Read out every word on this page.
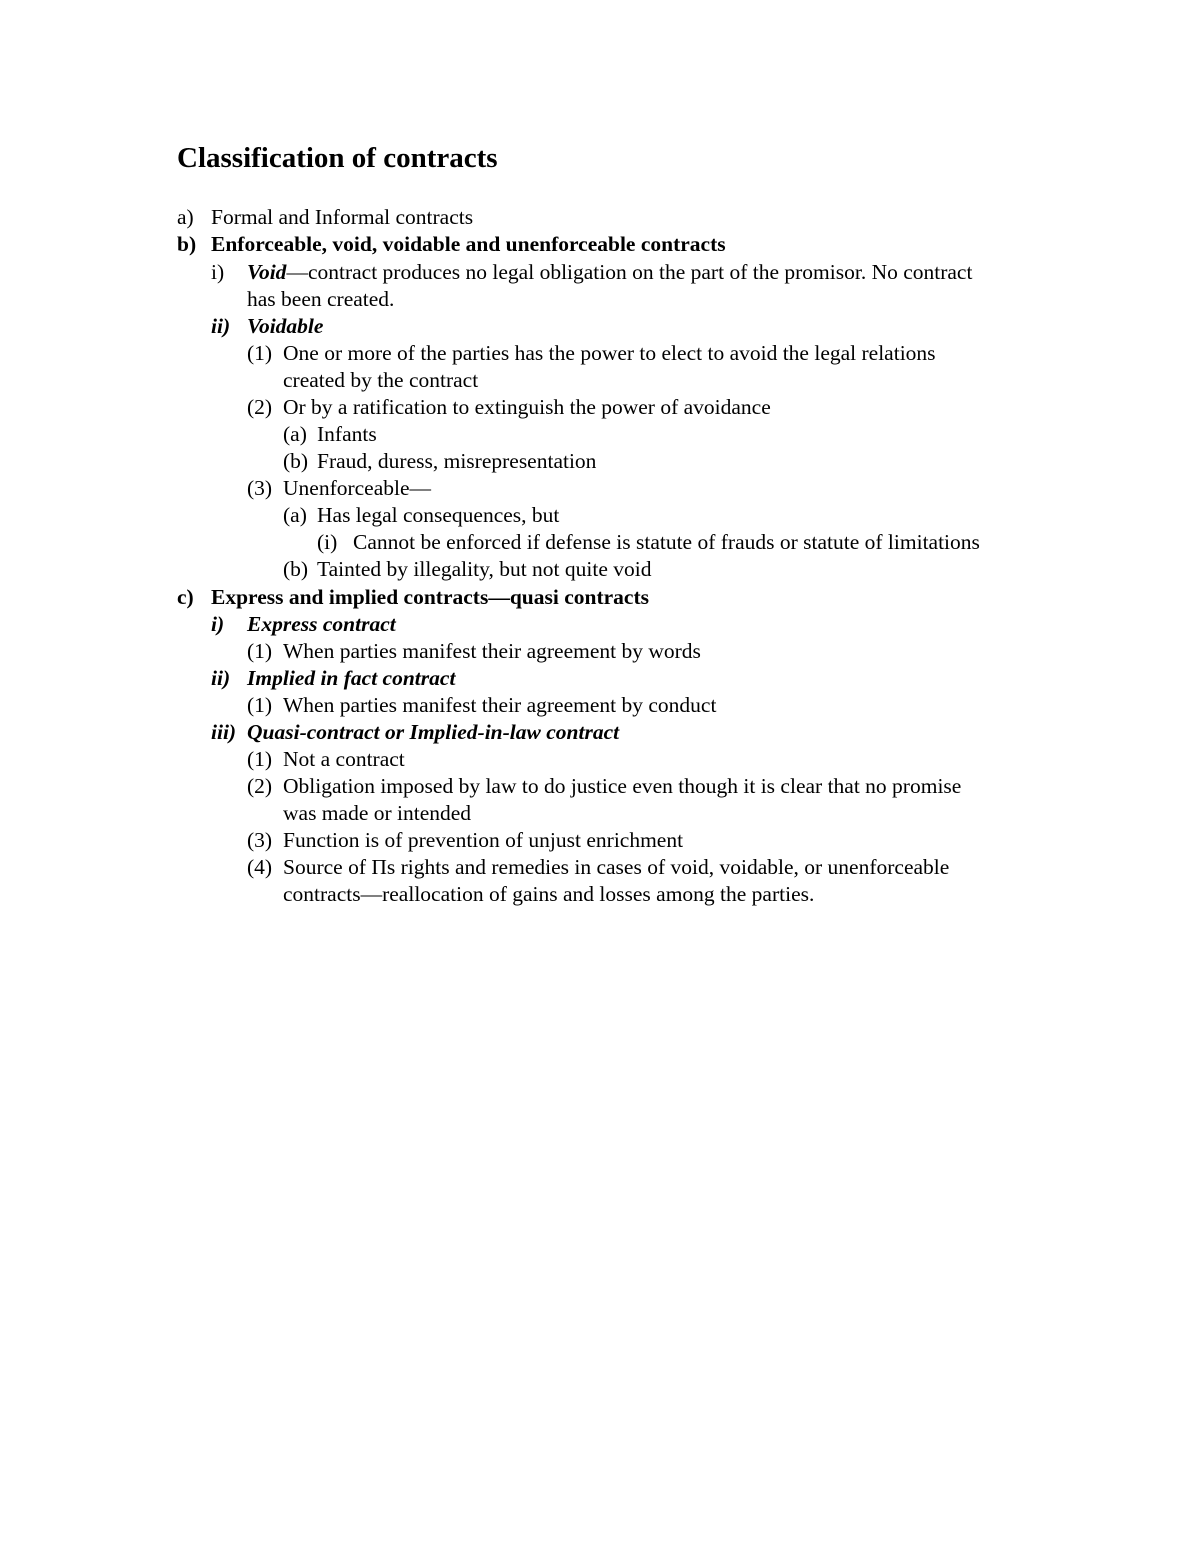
Classification of contracts
a) Formal and Informal contracts
b) Enforceable, void, voidable and unenforceable contracts
i) Void—contract produces no legal obligation on the part of the promisor. No contract
has been created.
ii) Voidable
(1) One or more of the parties has the power to elect to avoid the legal relations
created by the contract
(2) Or by a ratification to extinguish the power of avoidance
(a) Infants
(b) Fraud, duress, misrepresentation
(3) Unenforceable—
(a) Has legal consequences, but
(i) Cannot be enforced if defense is statute of frauds or statute of limitations
(b) Tainted by illegality, but not quite void
c) Express and implied contracts—quasi contracts
i) Express contract
(1) When parties manifest their agreement by words
ii) Implied in fact contract
(1) When parties manifest their agreement by conduct
iii) Quasi-contract or Implied-in-law contract
(1) Not a contract
(2) Obligation imposed by law to do justice even though it is clear that no promise
was made or intended
(3) Function is of prevention of unjust enrichment
(4) Source of Πs rights and remedies in cases of void, voidable, or unenforceable
contracts—reallocation of gains and losses among the parties.
